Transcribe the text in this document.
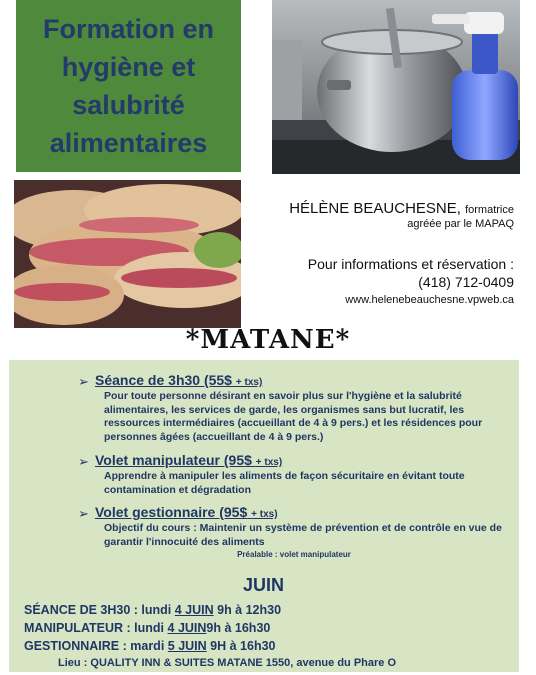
Formation en hygiène et salubrité alimentaires
HÉLÈNE BEAUCHESNE, formatrice
agréée par le MAPAQ
Pour informations et réservation :
(418) 712-0409
www.helenebeauchesne.vpweb.ca
*MATANE*
➢ Séance de 3h30 (55$ + txs)
Pour toute personne désirant en savoir plus sur l'hygiène et la salubrité alimentaires, les services de garde, les organismes sans but lucratif, les ressources intermédiaires (accueillant de 4 à 9 pers.) et les résidences pour personnes âgées (accueillant de 4 à 9 pers.)
➢ Volet manipulateur (95$ + txs)
Apprendre à manipuler les aliments de façon sécuritaire en évitant toute contamination et dégradation
➢ Volet gestionnaire (95$ + txs)
Objectif du cours : Maintenir un système de prévention et de contrôle en vue de garantir l'innocuité des aliments
Préalable : volet manipulateur
JUIN
SÉANCE DE 3H30 : lundi 4 JUIN 9h à 12h30
MANIPULATEUR : lundi 4 JUIN9h à 16h30
GESTIONNAIRE : mardi 5 JUIN 9H à 16h30
Lieu : QUALITY INN & SUITES MATANE 1550, avenue du Phare O
